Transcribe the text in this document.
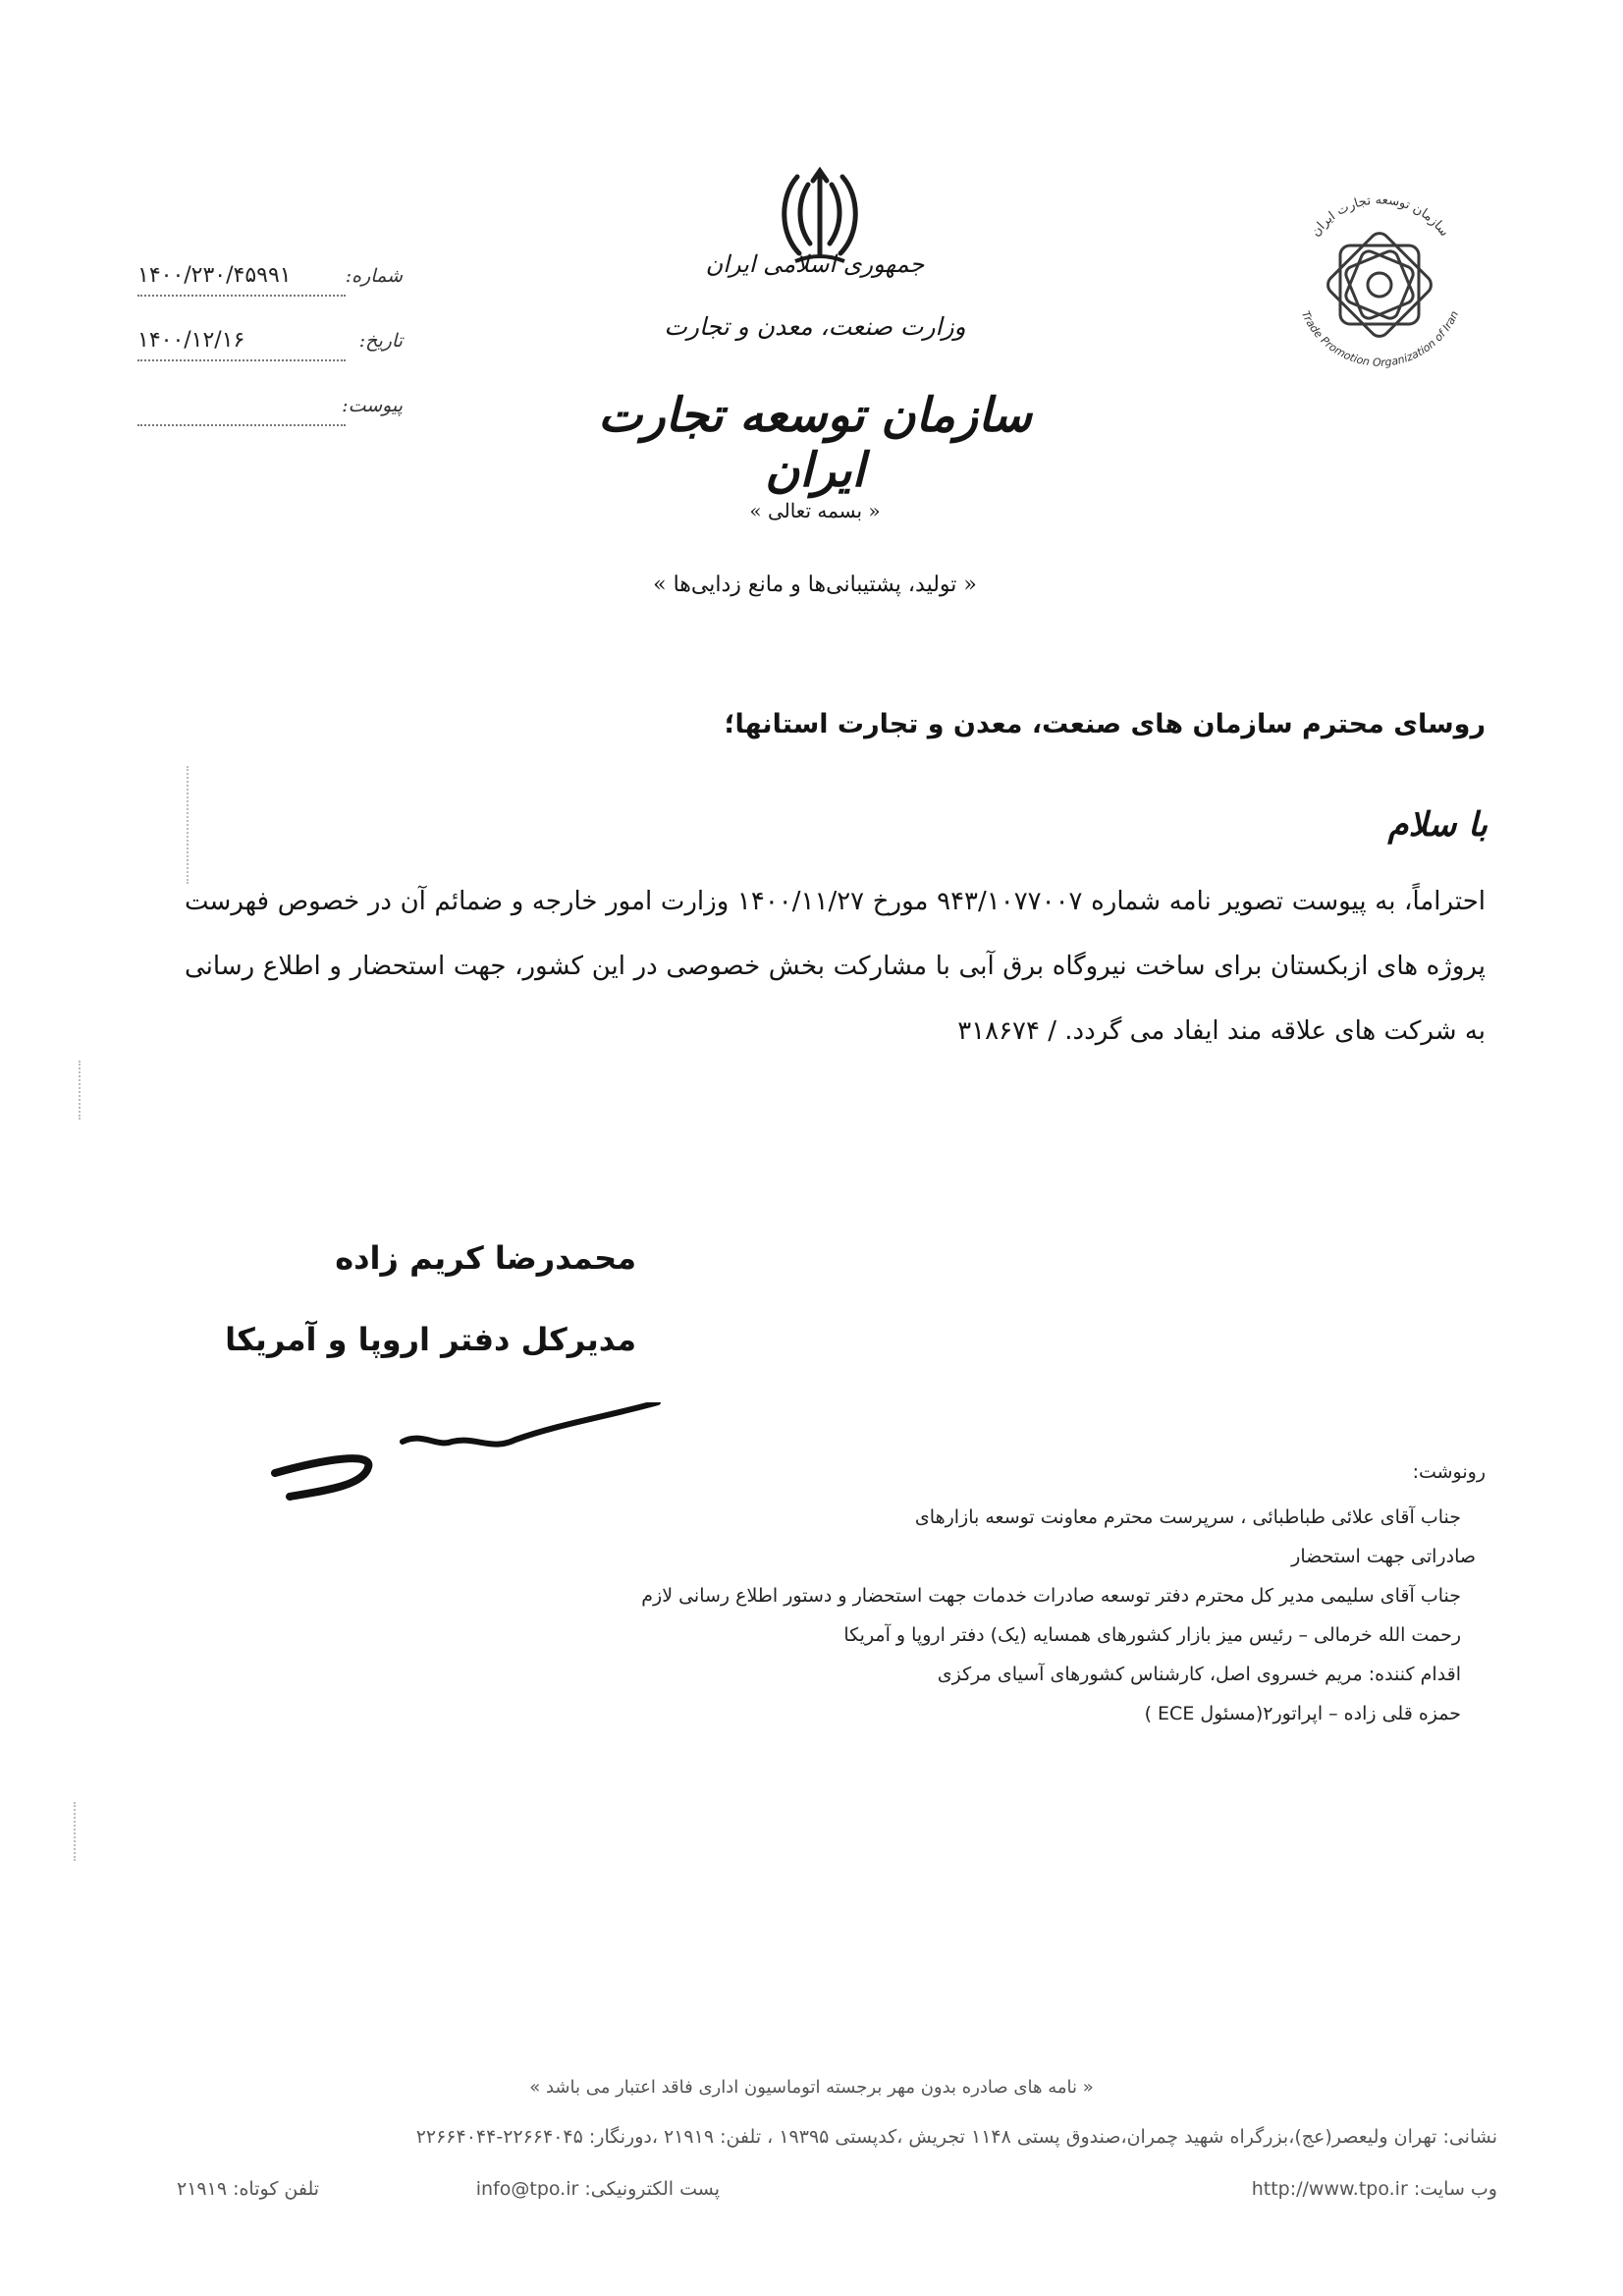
جمهوری اسلامی ایران
وزارت صنعت، معدن و تجارت
سازمان توسعه تجارت ایران
« بسمه تعالی »
« تولید، پشتیبانی‌ها و مانع زدایی‌ها »
سازمان توسعه تجارت ایران
Trade Promotion Organization of Iran
شماره:
۱۴۰۰/۲۳۰/۴۵۹۹۱
تاریخ:
۱۴۰۰/۱۲/۱۶
پیوست:
روسای محترم سازمان های صنعت، معدن و تجارت استانها؛
با سلام
احتراماً، به پیوست تصویر نامه شماره ۹۴۳/۱۰۷۷۰۰۷ مورخ ۱۴۰۰/۱۱/۲۷ وزارت امور خارجه و ضمائم آن در خصوص فهرست پروژه های ازبکستان برای ساخت نیروگاه برق آبی با مشارکت بخش خصوصی در این کشور، جهت استحضار و اطلاع رسانی به شرکت های علاقه مند ایفاد می گردد. / ۳۱۸۶۷۴
محمدرضا کریم زاده
مدیرکل دفتر اروپا و آمریکا
رونوشت:
جناب آقای علائی طباطبائی ، سرپرست محترم معاونت توسعه بازارهای
صادراتی جهت استحضار
جناب آقای سلیمی مدیر کل محترم دفتر توسعه صادرات خدمات جهت استحضار و دستور اطلاع رسانی لازم
رحمت الله خرمالی – رئیس میز بازار کشورهای همسایه (یک) دفتر اروپا و آمریکا
اقدام کننده: مریم خسروی اصل، کارشناس کشورهای آسیای مرکزی
حمزه قلی زاده – اپراتور۲(مسئول ECE )
« نامه های صادره بدون مهر برجسته اتوماسیون اداری فاقد اعتبار می باشد »
نشانی: تهران ولیعصر(عج)،بزرگراه شهید چمران،صندوق پستی ۱۱۴۸ تجریش ،کدپستی ۱۹۳۹۵ ، تلفن: ۲۱۹۱۹ ،دورنگار: ۲۲۶۶۴۰۴۵-۲۲۶۶۴۰۴۴
وب سایت: http://www.tpo.ir
پست الکترونیکی: info@tpo.ir
تلفن کوتاه: ۲۱۹۱۹
